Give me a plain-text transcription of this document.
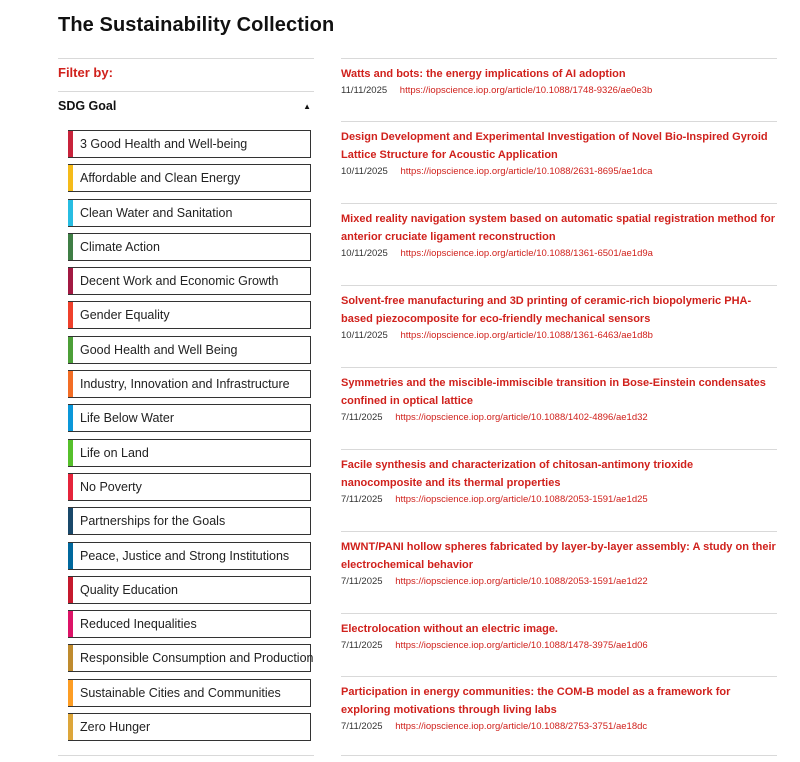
The Sustainability Collection
Filter by:
SDG Goal	▲
3 Good Health and Well-being
Affordable and Clean Energy
Clean Water and Sanitation
Climate Action
Decent Work and Economic Growth
Gender Equality
Good Health and Well Being
Industry, Innovation and Infrastructure
Life Below Water
Life on Land
No Poverty
Partnerships for the Goals
Peace, Justice and Strong Institutions
Quality Education
Reduced Inequalities
Responsible Consumption and Production
Sustainable Cities and Communities
Zero Hunger
Watts and bots: the energy implications of AI adoption
11/11/2025 https://iopscience.iop.org/article/10.1088/1748-9326/ae0e3b
Design Development and Experimental Investigation of Novel Bio-Inspired Gyroid Lattice Structure for Acoustic Application
10/11/2025 https://iopscience.iop.org/article/10.1088/2631-8695/ae1dca
Mixed reality navigation system based on automatic spatial registration method for anterior cruciate ligament reconstruction
10/11/2025 https://iopscience.iop.org/article/10.1088/1361-6501/ae1d9a
Solvent-free manufacturing and 3D printing of ceramic-rich biopolymeric PHA-based piezocomposite for eco-friendly mechanical sensors
10/11/2025 https://iopscience.iop.org/article/10.1088/1361-6463/ae1d8b
Symmetries and the miscible-immiscible transition in Bose-Einstein condensates confined in optical lattice
7/11/2025 https://iopscience.iop.org/article/10.1088/1402-4896/ae1d32
Facile synthesis and characterization of chitosan-antimony trioxide nanocomposite and its thermal properties
7/11/2025 https://iopscience.iop.org/article/10.1088/2053-1591/ae1d25
MWNT/PANI hollow spheres fabricated by layer-by-layer assembly: A study on their electrochemical behavior
7/11/2025 https://iopscience.iop.org/article/10.1088/2053-1591/ae1d22
Electrolocation without an electric image.
7/11/2025 https://iopscience.iop.org/article/10.1088/1478-3975/ae1d06
Participation in energy communities: the COM-B model as a framework for exploring motivations through living labs
7/11/2025 https://iopscience.iop.org/article/10.1088/2753-3751/ae18dc
